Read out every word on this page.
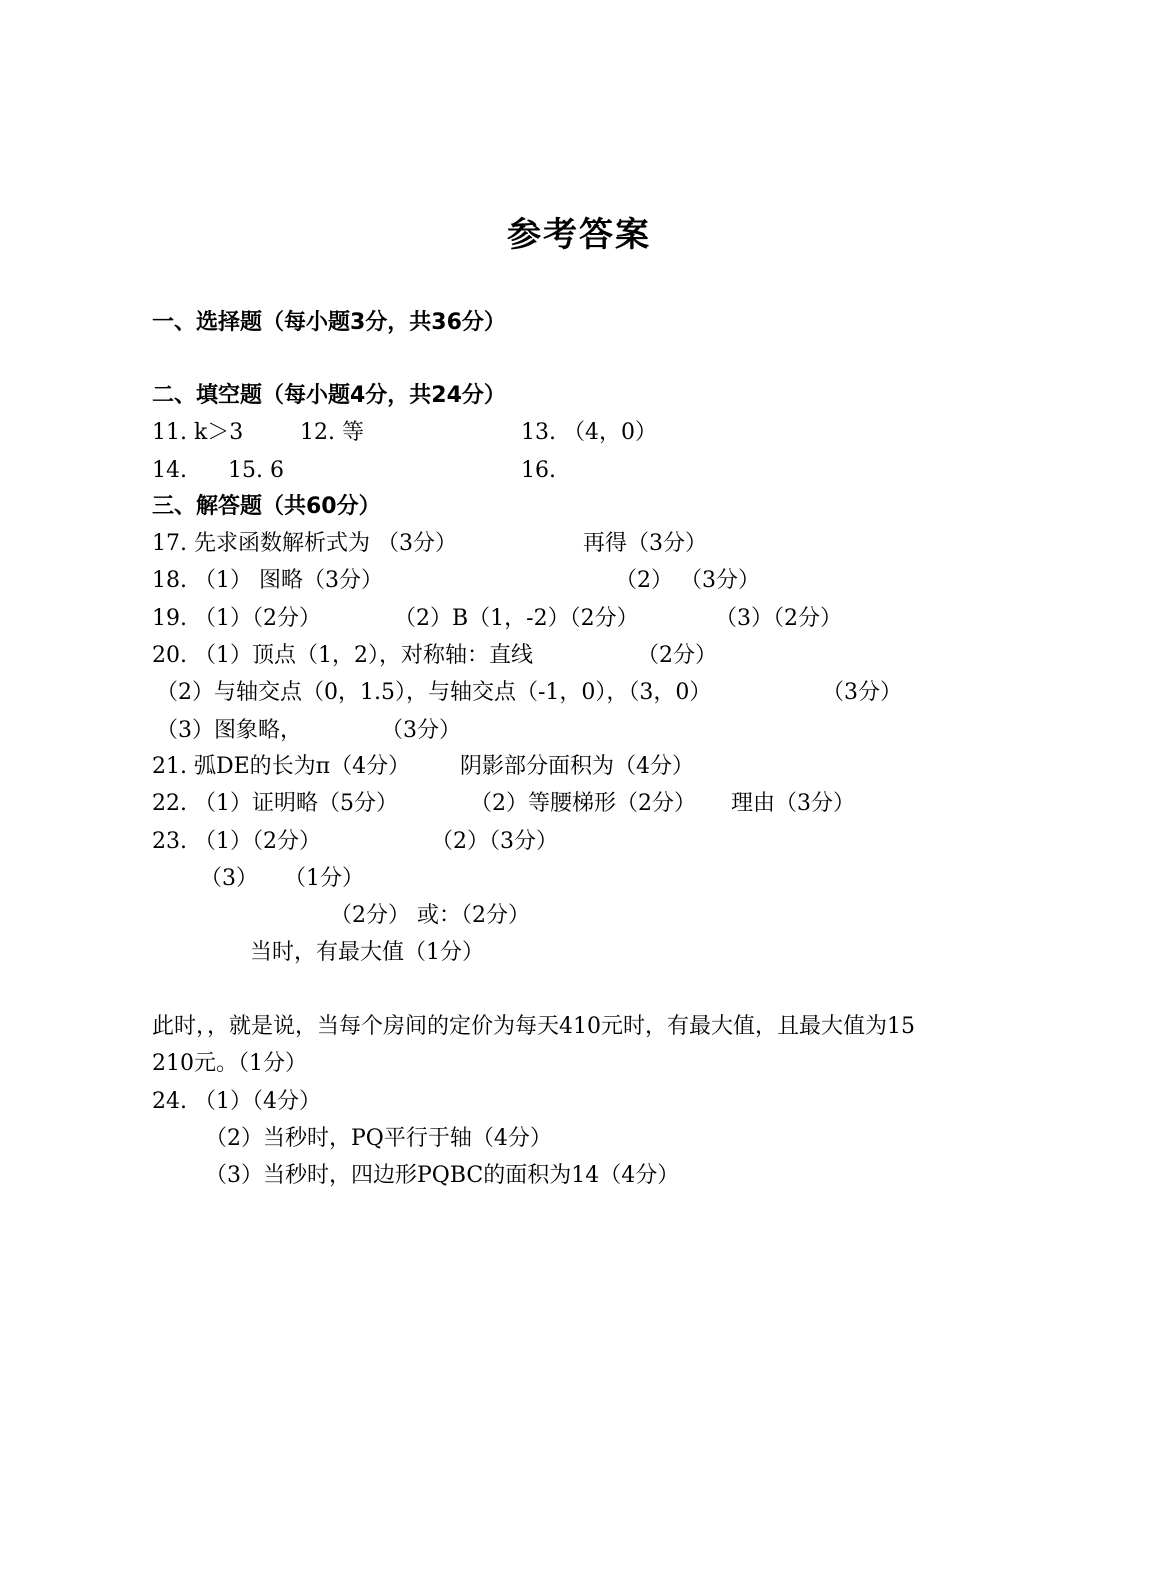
参考答案
一、选择题（每小题3分，共36分）
二、填空题（每小题4分，共24分）
11. k＞3	12. 等	13. （4，0）
14. 15. 6	16.
三、解答题（共60分）
17. 先求函数解析式为 （3分）	再得（3分）
18. （1） 图略（3分）	（2） （3分）
19. （1）（2分）	（2）B（1，-2）（2分）	（3）（2分）
20. （1）顶点（1，2），对称轴：直线	（2分）
（2）与轴交点（0，1.5），与轴交点（-1，0），（3，0）	（3分）
（3）图象略，	（3分）
21. 弧DE的长为π（4分） 阴影部分面积为（4分）
22. （1）证明略（5分）	（2）等腰梯形（2分） 理由（3分）
23. （1）（2分）	（2）（3分）
（3） （1分）
（2分） 或：（2分）
当时，有最大值（1分）
此时，，就是说，当每个房间的定价为每天410元时，有最大值，且最大值为15
210元。（1分）
24. （1）（4分）
（2）当秒时，PQ平行于轴（4分）
（3）当秒时，四边形PQBC的面积为14（4分）
